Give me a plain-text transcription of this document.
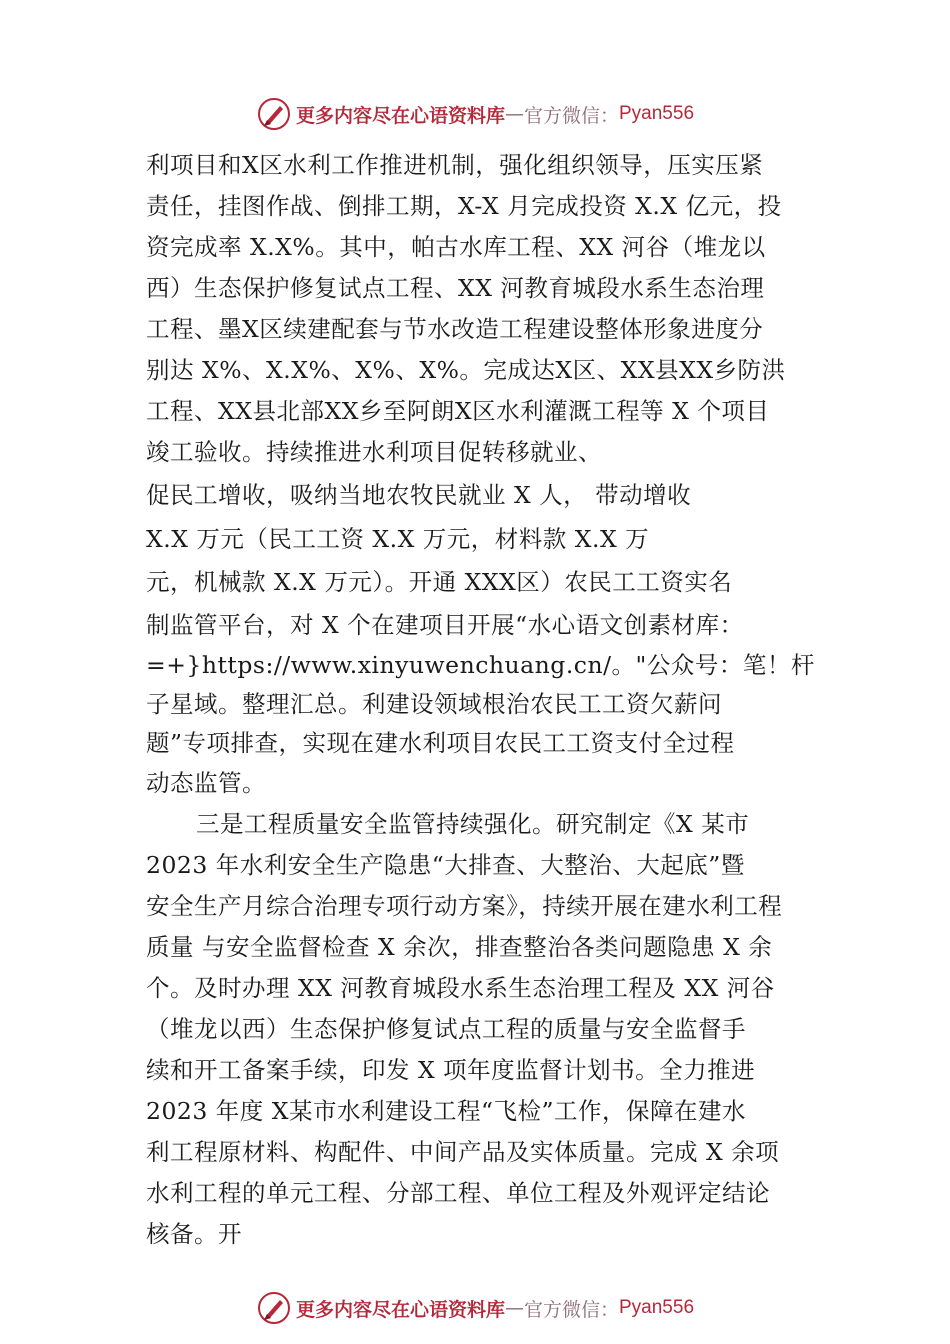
更多内容尽在心语资料库 — 官方微信： Pyan556
利项目和X区水利工作推进机制，强化组织领导，压实压紧
责任，挂图作战、倒排工期，X-X 月完成投资 X.X 亿元，投
资完成率 X.X%。其中，帕古水库工程、XX 河谷（堆龙以
西）生态保护修复试点工程、XX 河教育城段水系生态治理
工程、墨X区续建配套与节水改造工程建设整体形象进度分
别达 X%、X.X%、X%、X%。完成达X区、XX县XX乡防洪
工程、XX县北部XX乡至阿朗X区水利灌溉工程等 X 个项目
竣工验收。持续推进水利项目促转移就业、
促民工增收，吸纳当地农牧民就业 X 人， 带动增收
X.X 万元（民工工资 X.X 万元，材料款 X.X 万
元，机械款 X.X 万元）。开通 XXX区）农民工工资实名
制监管平台，对 X 个在建项目开展“水心语文创素材库：
=+}https://www.xinyuwenchuang.cn/。"公众号：笔！杆
子星域。整理汇总。利建设领域根治农民工工资欠薪问
题”专项排查，实现在建水利项目农民工工资支付全过程
动态监管。
三是工程质量安全监管持续强化。研究制定《X 某市
2023 年水利安全生产隐患“大排查、大整治、大起底”暨
安全生产月综合治理专项行动方案》，持续开展在建水利工程
质量 与安全监督检查 X 余次，排查整治各类问题隐患 X 余
个。及时办理 XX 河教育城段水系生态治理工程及 XX 河谷
（堆龙以西）生态保护修复试点工程的质量与安全监督手
续和开工备案手续，印发 X 项年度监督计划书。全力推进
2023 年度 X某市水利建设工程“飞检”工作，保障在建水
利工程原材料、构配件、中间产品及实体质量。完成 X 余项
水利工程的单元工程、分部工程、单位工程及外观评定结论
核备。开
更多内容尽在心语资料库 — 官方微信： Pyan556
